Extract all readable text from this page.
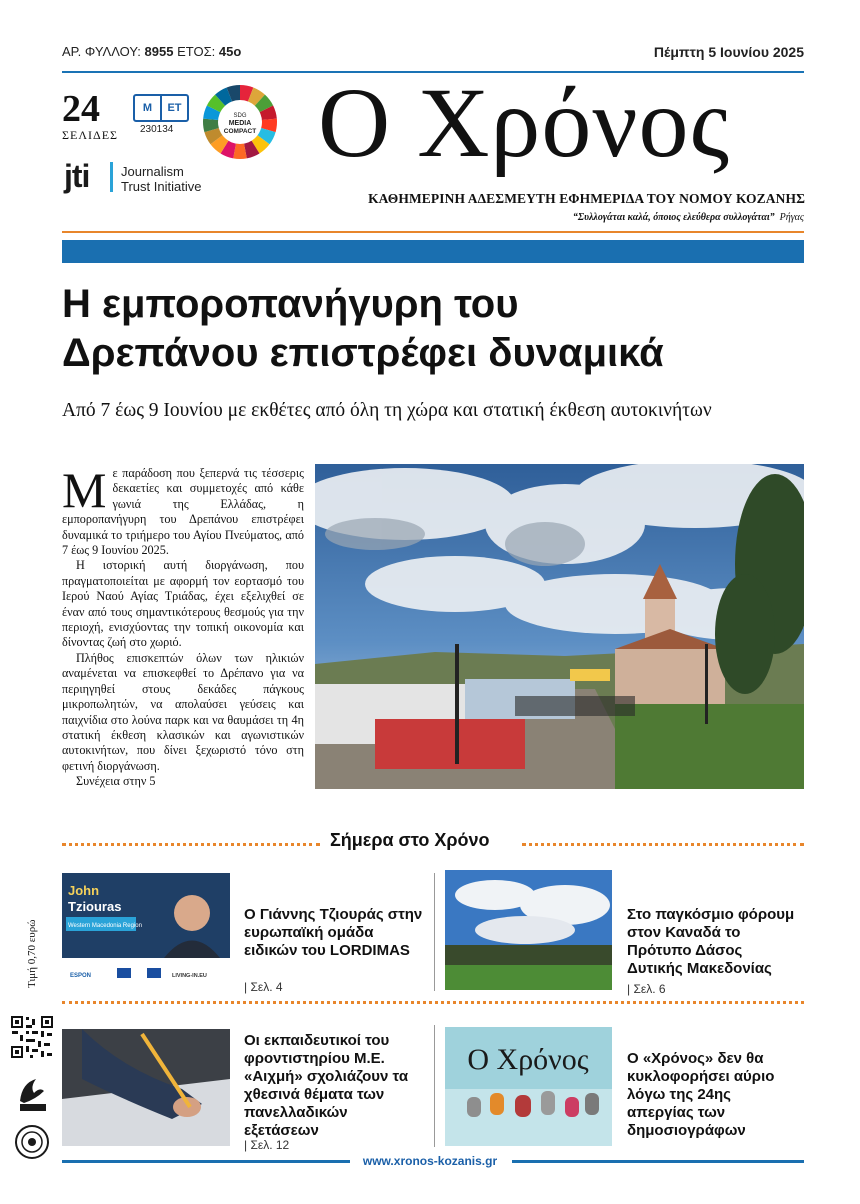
ΑΡ. ΦΥΛΛΟΥ: 8955 ΕΤΟΣ: 45ο	Πέμπτη 5 Ιουνίου 2025
24
ΣΕΛΙΔΕΣ
Μ	ΕΤ
230134
SDG
MEDIA
COMPACT
jti Journalism
Trust Initiative
Ο Χρόνος
ΚΑΘΗΜΕΡΙΝΗ ΑΔΕΣΜΕΥΤΗ ΕΦΗΜΕΡΙΔΑ ΤΟΥ ΝΟΜΟΥ ΚΟΖΑΝΗΣ
“Συλλογάται καλά, όποιος ελεύθερα συλλογάται” Ρήγας
Η εμποροπανήγυρη του
Δρεπάνου επιστρέφει δυναμικά
Από 7 έως 9 Ιουνίου με εκθέτες από όλη τη χώρα και στατική έκθεση αυτοκινήτων

Με παράδοση που ξεπερνά τις τέσσερις δεκαετίες και συμμετοχές από κάθε γωνιά της Ελλάδας, η εμποροπανήγυρη του Δρεπάνου επιστρέφει δυναμικά το τριήμερο του Αγίου Πνεύματος, από 7 έως 9 Ιουνίου 2025.

Η ιστορική αυτή διοργάνωση, που πραγματοποιείται με αφορμή τον εορτασμό του Ιερού Ναού Αγίας Τριάδας, έχει εξελιχθεί σε έναν από τους σημαντικότερους θεσμούς για την περιοχή, ενισχύοντας την τοπική οικονομία και δίνοντας ζωή στο χωριό.

Πλήθος επισκεπτών όλων των ηλικιών αναμένεται να επισκεφθεί το Δρέπανο για να περιηγηθεί στους δεκάδες πάγκους μικροπωλητών, να απολαύσει γεύσεις και παιχνίδια στο λούνα παρκ και να θαυμάσει τη 4η στατική έκθεση κλασικών και αγωνιστικών αυτοκινήτων, που δίνει ξεχωριστό τόνο στη φετινή διοργάνωση.

Συνέχεια στην 5
Σήμερα στο Χρόνο
Τιμή 0,70 ευρώ
John
Tziouras
Western Macedonia Region
ESPON	LIVING-IN.EU
Ο Γιάννης Τζιουράς στην ευρωπαϊκή ομάδα ειδικών του LORDIMAS
| Σελ. 4
Στο παγκόσμιο φόρουμ στον Καναδά το Πρότυπο Δάσος Δυτικής Μακεδονίας
| Σελ. 6
Οι εκπαιδευτικοί του φροντιστηρίου Μ.Ε. «Αιχμή» σχολιάζουν τα χθεσινά θέματα των πανελλαδικών εξετάσεων
| Σελ. 12
Ο Χρόνος	Ο «Χρόνος» δεν θα κυκλοφορήσει αύριο λόγω της 24ης απεργίας των δημοσιογράφων
www.xronos-kozanis.gr
